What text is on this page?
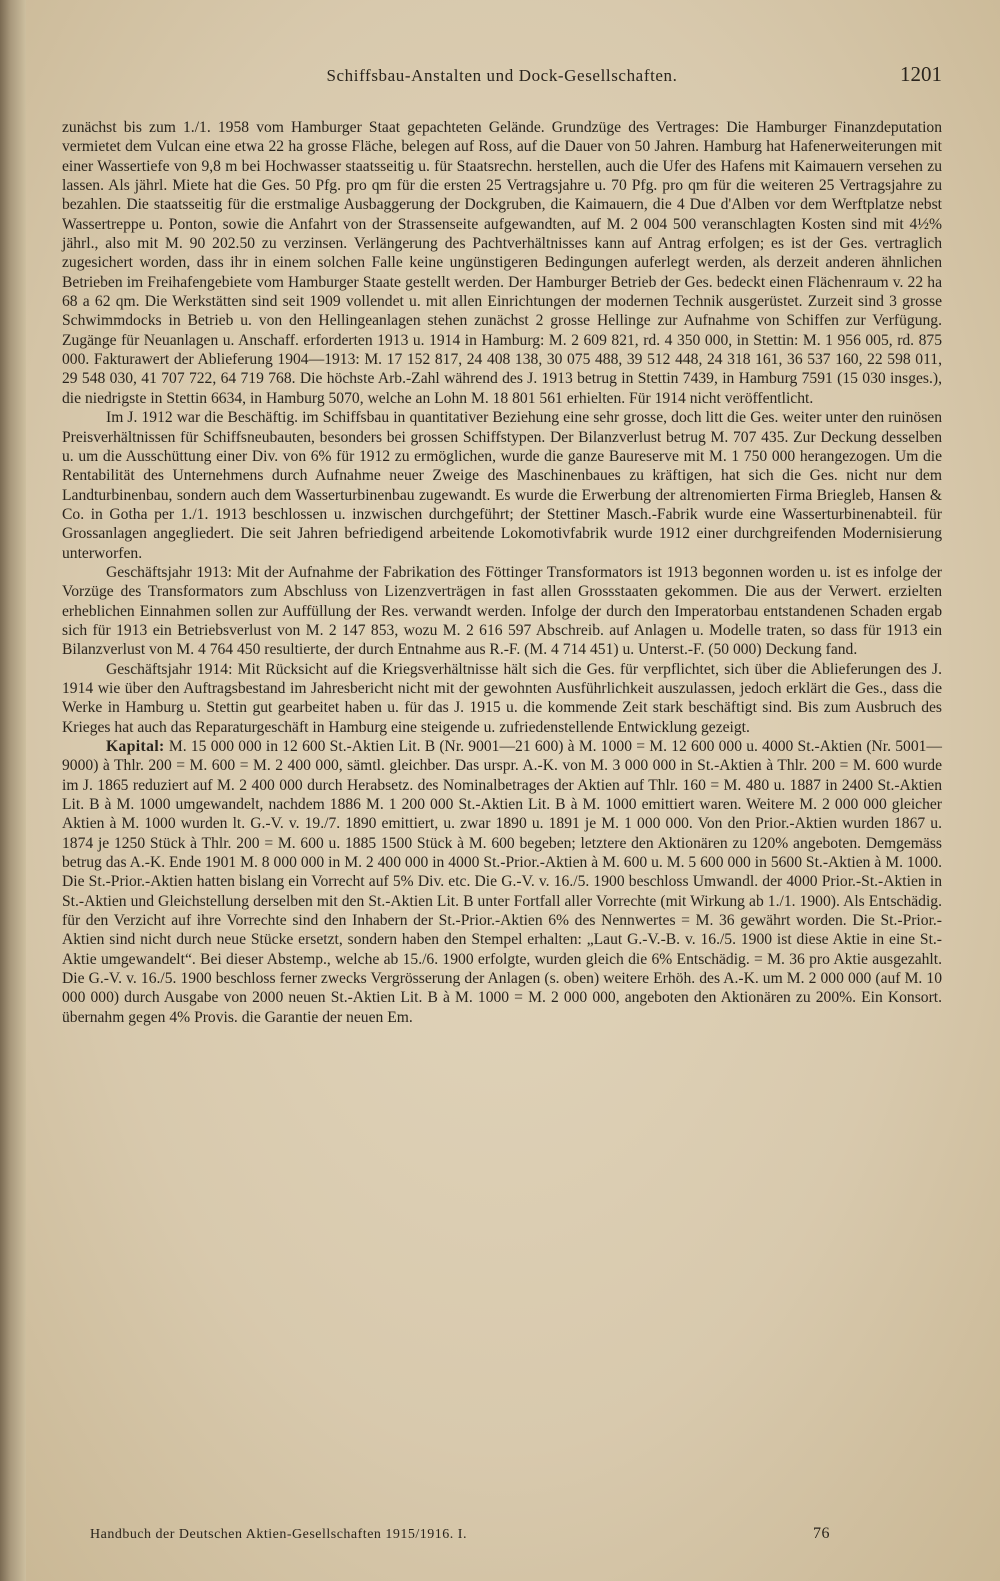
Schiffsbau-Anstalten und Dock-Gesellschaften.	1201

zunächst bis zum 1./1. 1958 vom Hamburger Staat gepachteten Gelände. Grundzüge des Vertrages: Die Hamburger Finanzdeputation vermietet dem Vulcan eine etwa 22 ha grosse Fläche, belegen auf Ross, auf die Dauer von 50 Jahren. Hamburg hat Hafenerweiterungen mit einer Wassertiefe von 9,8 m bei Hochwasser staatsseitig u. für Staatsrechn. herstellen, auch die Ufer des Hafens mit Kaimauern versehen zu lassen. Als jährl. Miete hat die Ges. 50 Pfg. pro qm für die ersten 25 Vertragsjahre u. 70 Pfg. pro qm für die weiteren 25 Vertragsjahre zu bezahlen. Die staatsseitig für die erstmalige Ausbaggerung der Dockgruben, die Kaimauern, die 4 Due d'Alben vor dem Werftplatze nebst Wassertreppe u. Ponton, sowie die Anfahrt von der Strassenseite aufgewandten, auf M. 2 004 500 veranschlagten Kosten sind mit 4½% jährl., also mit M. 90 202.50 zu verzinsen. Verlängerung des Pachtverhältnisses kann auf Antrag erfolgen; es ist der Ges. vertraglich zugesichert worden, dass ihr in einem solchen Falle keine ungünstigeren Bedingungen auferlegt werden, als derzeit anderen ähnlichen Betrieben im Freihafengebiete vom Hamburger Staate gestellt werden. Der Hamburger Betrieb der Ges. bedeckt einen Flächenraum v. 22 ha 68 a 62 qm. Die Werkstätten sind seit 1909 vollendet u. mit allen Einrichtungen der modernen Technik ausgerüstet. Zurzeit sind 3 grosse Schwimmdocks in Betrieb u. von den Hellingeanlagen stehen zunächst 2 grosse Hellinge zur Aufnahme von Schiffen zur Verfügung. Zugänge für Neuanlagen u. Anschaff. erforderten 1913 u. 1914 in Hamburg: M. 2 609 821, rd. 4 350 000, in Stettin: M. 1 956 005, rd. 875 000. Fakturawert der Ablieferung 1904—1913: M. 17 152 817, 24 408 138, 30 075 488, 39 512 448, 24 318 161, 36 537 160, 22 598 011, 29 548 030, 41 707 722, 64 719 768. Die höchste Arb.-Zahl während des J. 1913 betrug in Stettin 7439, in Hamburg 7591 (15 030 insges.), die niedrigste in Stettin 6634, in Hamburg 5070, welche an Lohn M. 18 801 561 erhielten. Für 1914 nicht veröffentlicht.

Im J. 1912 war die Beschäftig. im Schiffsbau in quantitativer Beziehung eine sehr grosse, doch litt die Ges. weiter unter den ruinösen Preisverhältnissen für Schiffsneubauten, besonders bei grossen Schiffstypen. Der Bilanzverlust betrug M. 707 435. Zur Deckung desselben u. um die Ausschüttung einer Div. von 6% für 1912 zu ermöglichen, wurde die ganze Baureserve mit M. 1 750 000 herangezogen. Um die Rentabilität des Unternehmens durch Aufnahme neuer Zweige des Maschinenbaues zu kräftigen, hat sich die Ges. nicht nur dem Landturbinenbau, sondern auch dem Wasserturbinenbau zugewandt. Es wurde die Erwerbung der altrenomierten Firma Briegleb, Hansen & Co. in Gotha per 1./1. 1913 beschlossen u. inzwischen durchgeführt; der Stettiner Masch.-Fabrik wurde eine Wasserturbinenabteil. für Grossanlagen angegliedert. Die seit Jahren befriedigend arbeitende Lokomotivfabrik wurde 1912 einer durchgreifenden Modernisierung unterworfen.

Geschäftsjahr 1913: Mit der Aufnahme der Fabrikation des Föttinger Transformators ist 1913 begonnen worden u. ist es infolge der Vorzüge des Transformators zum Abschluss von Lizenzverträgen in fast allen Grossstaaten gekommen. Die aus der Verwert. erzielten erheblichen Einnahmen sollen zur Auffüllung der Res. verwandt werden. Infolge der durch den Imperatorbau entstandenen Schaden ergab sich für 1913 ein Betriebsverlust von M. 2 147 853, wozu M. 2 616 597 Abschreib. auf Anlagen u. Modelle traten, so dass für 1913 ein Bilanzverlust von M. 4 764 450 resultierte, der durch Entnahme aus R.-F. (M. 4 714 451) u. Unterst.-F. (50 000) Deckung fand.

Geschäftsjahr 1914: Mit Rücksicht auf die Kriegsverhältnisse hält sich die Ges. für verpflichtet, sich über die Ablieferungen des J. 1914 wie über den Auftragsbestand im Jahresbericht nicht mit der gewohnten Ausführlichkeit auszulassen, jedoch erklärt die Ges., dass die Werke in Hamburg u. Stettin gut gearbeitet haben u. für das J. 1915 u. die kommende Zeit stark beschäftigt sind. Bis zum Ausbruch des Krieges hat auch das Reparaturgeschäft in Hamburg eine steigende u. zufriedenstellende Entwicklung gezeigt.

Kapital: M. 15 000 000 in 12 600 St.-Aktien Lit. B (Nr. 9001—21 600) à M. 1000 = M. 12 600 000 u. 4000 St.-Aktien (Nr. 5001—9000) à Thlr. 200 = M. 600 = M. 2 400 000, sämtl. gleichber. Das urspr. A.-K. von M. 3 000 000 in St.-Aktien à Thlr. 200 = M. 600 wurde im J. 1865 reduziert auf M. 2 400 000 durch Herabsetz. des Nominalbetrages der Aktien auf Thlr. 160 = M. 480 u. 1887 in 2400 St.-Aktien Lit. B à M. 1000 umgewandelt, nachdem 1886 M. 1 200 000 St.-Aktien Lit. B à M. 1000 emittiert waren. Weitere M. 2 000 000 gleicher Aktien à M. 1000 wurden lt. G.-V. v. 19./7. 1890 emittiert, u. zwar 1890 u. 1891 je M. 1 000 000. Von den Prior.-Aktien wurden 1867 u. 1874 je 1250 Stück à Thlr. 200 = M. 600 u. 1885 1500 Stück à M. 600 begeben; letztere den Aktionären zu 120% angeboten. Demgemäss betrug das A.-K. Ende 1901 M. 8 000 000 in M. 2 400 000 in 4000 St.-Prior.-Aktien à M. 600 u. M. 5 600 000 in 5600 St.-Aktien à M. 1000. Die St.-Prior.-Aktien hatten bislang ein Vorrecht auf 5% Div. etc. Die G.-V. v. 16./5. 1900 beschloss Umwandl. der 4000 Prior.-St.-Aktien in St.-Aktien und Gleichstellung derselben mit den St.-Aktien Lit. B unter Fortfall aller Vorrechte (mit Wirkung ab 1./1. 1900). Als Entschädig. für den Verzicht auf ihre Vorrechte sind den Inhabern der St.-Prior.-Aktien 6% des Nennwertes = M. 36 gewährt worden. Die St.-Prior.-Aktien sind nicht durch neue Stücke ersetzt, sondern haben den Stempel erhalten: „Laut G.-V.-B. v. 16./5. 1900 ist diese Aktie in eine St.-Aktie umgewandelt“. Bei dieser Abstemp., welche ab 15./6. 1900 erfolgte, wurden gleich die 6% Entschädig. = M. 36 pro Aktie ausgezahlt. Die G.-V. v. 16./5. 1900 beschloss ferner zwecks Vergrösserung der Anlagen (s. oben) weitere Erhöh. des A.-K. um M. 2 000 000 (auf M. 10 000 000) durch Ausgabe von 2000 neuen St.-Aktien Lit. B à M. 1000 = M. 2 000 000, angeboten den Aktionären zu 200%. Ein Konsort. übernahm gegen 4% Provis. die Garantie der neuen Em.

Handbuch der Deutschen Aktien-Gesellschaften 1915/1916. I.	76
